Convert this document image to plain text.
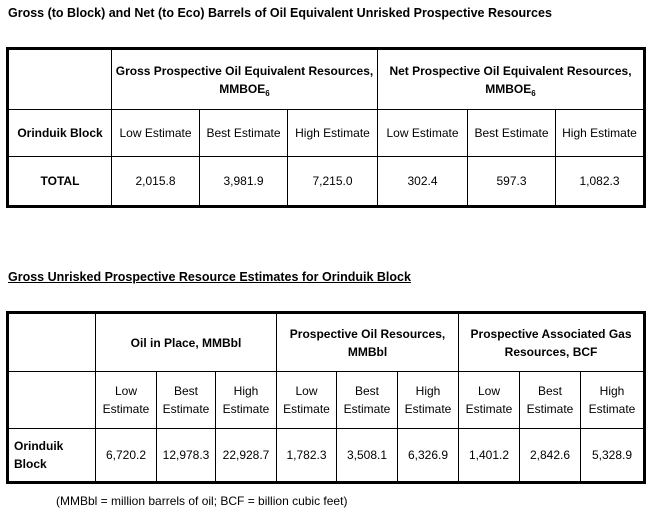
Gross (to Block) and Net (to Eco) Barrels of Oil Equivalent Unrisked Prospective Resources
	Gross Prospective Oil Equivalent Resources, $MMBOE_6$			Net Prospective Oil Equivalent Resources, $MMBOE_6$
Orinduik Block	Low Estimate	Best Estimate	High Estimate	Low Estimate	Best Estimate	High Estimate
TOTAL	2,015.8	3,981.9	7,215.0	302.4	597.3	1,082.3
Gross Unrisked Prospective Resource Estimates for Orinduik Block
	Oil in Place, MMBbl			Prospective Oil Resources, MMBbl			Prospective Associated Gas Resources, BCF		
	Low Estimate	Best Estimate	High Estimate	Low Estimate	Best Estimate	High Estimate	Low Estimate	Best Estimate	High Estimate
Orinduik Block	6,720.2	12,978.3	22,928.7	1,782.3	3,508.1	6,326.9	1,401.2	2,842.6	5,328.9
(MMBbl = million barrels of oil; BCF = billion cubic feet)
